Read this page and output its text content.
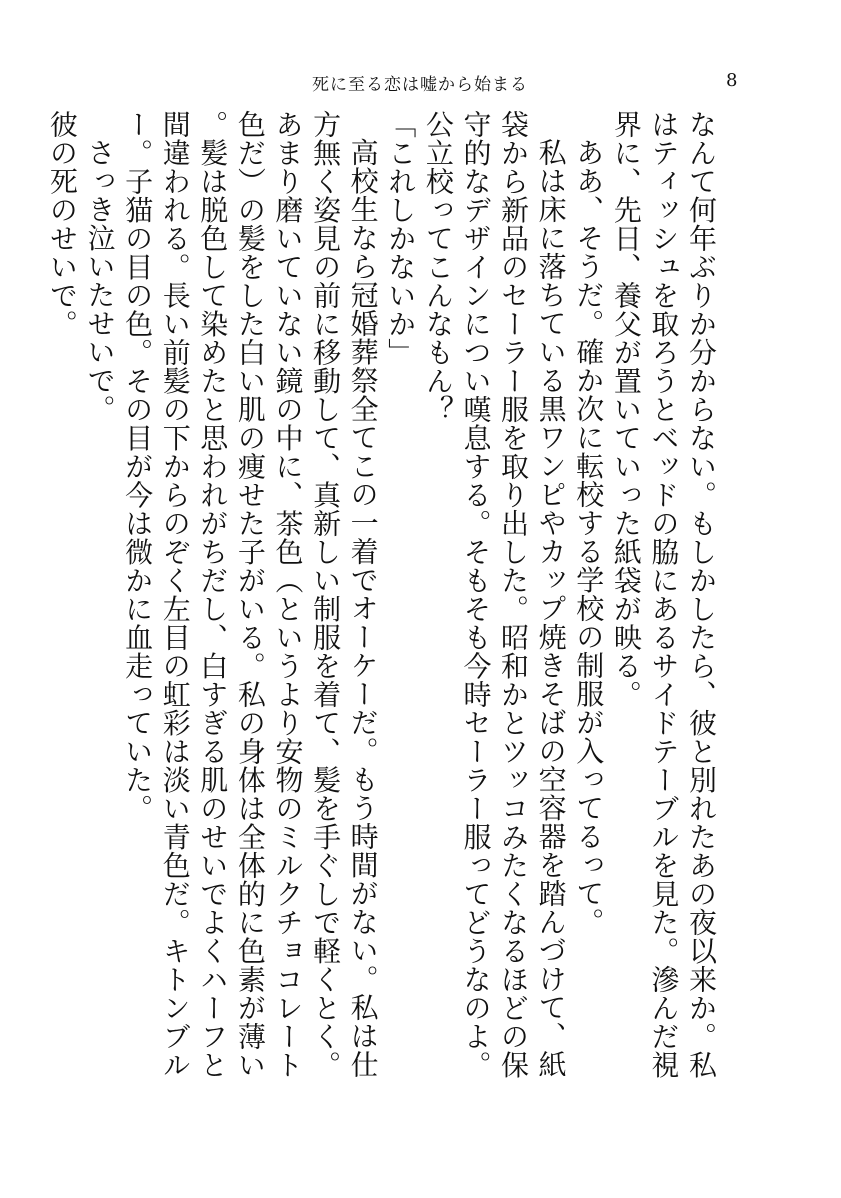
死に至る恋は嘘から始まる	8

なんて何年ぶりか分からない。もしかしたら、彼と別れたあの夜以来か。私はティッシュを取ろうとベッドの脇にあるサイドテーブルを見た。滲んだ視界に、先日、養父が置いていった紙袋が映る。

ああ、そうだ。確か次に転校する学校の制服が入ってるって。

私は床に落ちている黒ワンピやカップ焼きそばの空容器を踏んづけて、紙袋から新品のセーラー服を取り出した。昭和かとツッコみたくなるほどの保守的なデザインについ嘆息する。そもそも今時セーラー服ってどうなのよ。公立校ってこんなもん？

「これしかないか」

高校生なら冠婚葬祭全てこの一着でオーケーだ。もう時間がない。私は仕方無く姿見の前に移動して、真新しい制服を着て、髪を手ぐしで軽くとく。あまり磨いていない鏡の中に、茶色（というより安物のミルクチョコレート色だ）の髪をした白い肌の痩せた子がいる。私の身体は全体的に色素が薄い。髪は脱色して染めたと思われがちだし、白すぎる肌のせいでよくハーフと間違われる。長い前髪の下からのぞく左目の虹彩は淡い青色だ。キトンブルー。子猫の目の色。その目が今は微かに血走っていた。

さっき泣いたせいで。

彼の死のせいで。
